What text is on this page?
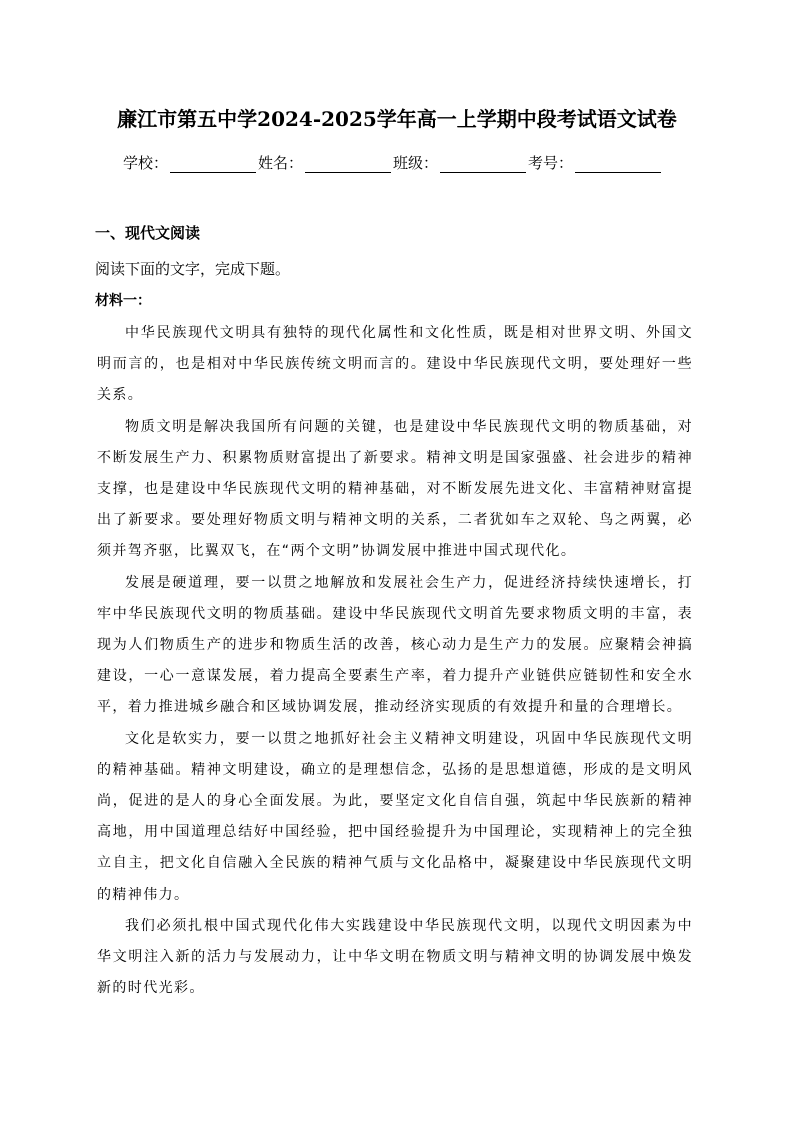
廉江市第五中学2024-2025学年高一上学期中段考试语文试卷
学校：	姓名：	班级：	考号：
一、现代文阅读
阅读下面的文字，完成下题。
材料一：

中华民族现代文明具有独特的现代化属性和文化性质，既是相对世界文明、外国文明而言的，也是相对中华民族传统文明而言的。建设中华民族现代文明，要处理好一些关系。

物质文明是解决我国所有问题的关键，也是建设中华民族现代文明的物质基础，对不断发展生产力、积累物质财富提出了新要求。精神文明是国家强盛、社会进步的精神支撑，也是建设中华民族现代文明的精神基础，对不断发展先进文化、丰富精神财富提出了新要求。要处理好物质文明与精神文明的关系，二者犹如车之双轮、鸟之两翼，必须并驾齐驱，比翼双飞，在“两个文明”协调发展中推进中国式现代化。

发展是硬道理，要一以贯之地解放和发展社会生产力，促进经济持续快速增长，打牢中华民族现代文明的物质基础。建设中华民族现代文明首先要求物质文明的丰富，表现为人们物质生产的进步和物质生活的改善，核心动力是生产力的发展。应聚精会神搞建设，一心一意谋发展，着力提高全要素生产率，着力提升产业链供应链韧性和安全水平，着力推进城乡融合和区域协调发展，推动经济实现质的有效提升和量的合理增长。

文化是软实力，要一以贯之地抓好社会主义精神文明建设，巩固中华民族现代文明的精神基础。精神文明建设，确立的是理想信念，弘扬的是思想道德，形成的是文明风尚，促进的是人的身心全面发展。为此，要坚定文化自信自强，筑起中华民族新的精神高地，用中国道理总结好中国经验，把中国经验提升为中国理论，实现精神上的完全独立自主，把文化自信融入全民族的精神气质与文化品格中，凝聚建设中华民族现代文明的精神伟力。

我们必须扎根中国式现代化伟大实践建设中华民族现代文明，以现代文明因素为中华文明注入新的活力与发展动力，让中华文明在物质文明与精神文明的协调发展中焕发新的时代光彩。
